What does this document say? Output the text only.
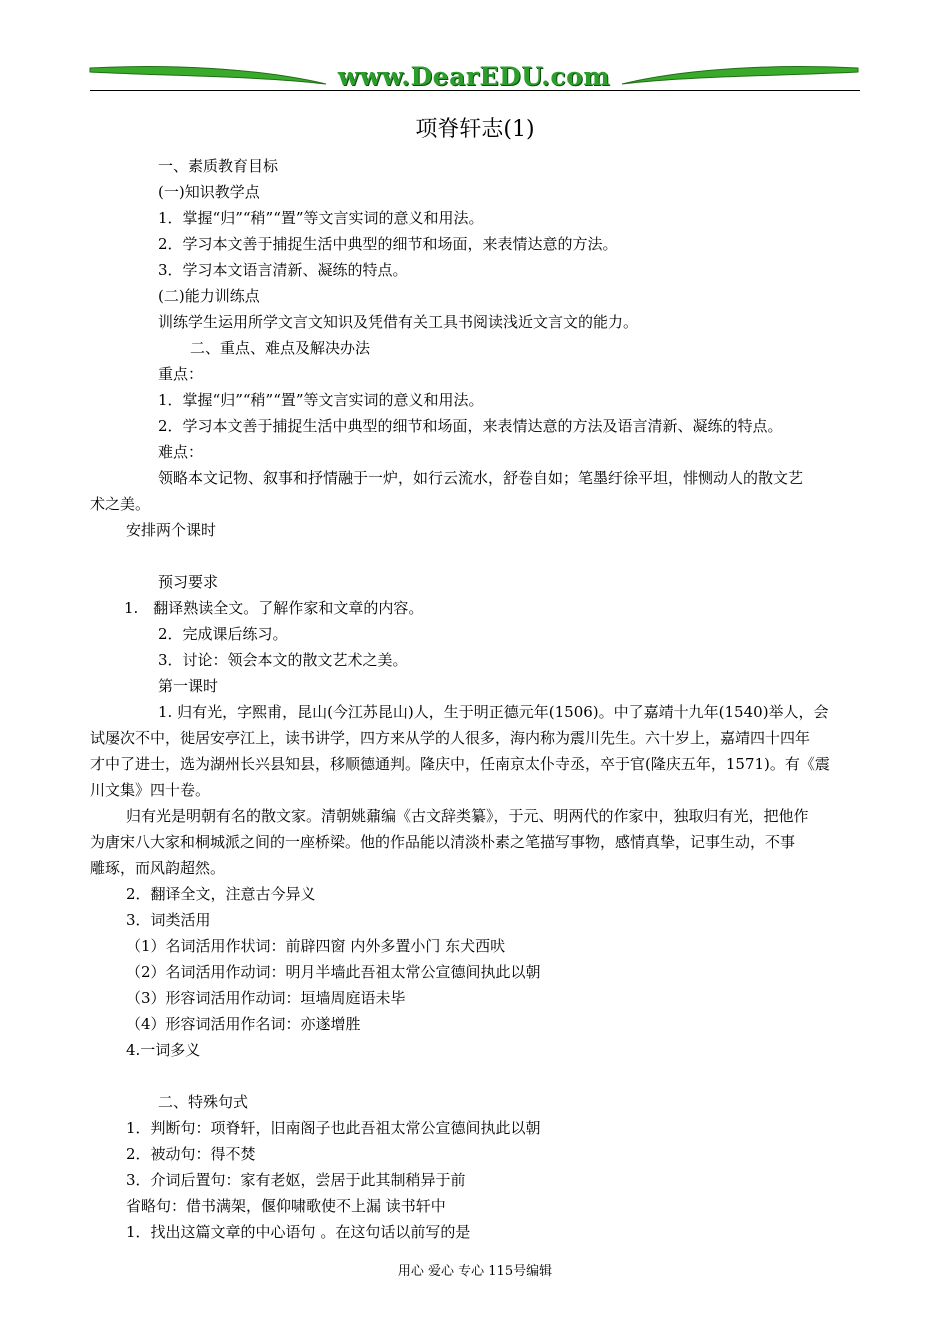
www.DearEDU.com
项脊轩志(1)
一、素质教育目标
(一)知识教学点
1．掌握“归”“稍”“置”等文言实词的意义和用法。
2．学习本文善于捕捉生活中典型的细节和场面，来表情达意的方法。
3．学习本文语言清新、凝练的特点。
(二)能力训练点
训练学生运用所学文言文知识及凭借有关工具书阅读浅近文言文的能力。
二、重点、难点及解决办法
重点：
1．掌握“归”“稍”“置”等文言实词的意义和用法。
2．学习本文善于捕捉生活中典型的细节和场面，来表情达意的方法及语言清新、凝练的特点。
难点：
领略本文记物、叙事和抒情融于一炉，如行云流水，舒卷自如；笔墨纡徐平坦，悱恻动人的散文艺
术之美。
安排两个课时
预习要求
1.　翻译熟读全文。了解作家和文章的内容。
2．完成课后练习。
3．讨论：领会本文的散文艺术之美。
第一课时
1. 归有光，字熙甫，昆山(今江苏昆山)人，生于明正德元年(1506)。中了嘉靖十九年(1540)举人，会
试屡次不中，徙居安亭江上，读书讲学，四方来从学的人很多，海内称为震川先生。六十岁上，嘉靖四十四年
才中了进士，选为湖州长兴县知县，移顺德通判。隆庆中，任南京太仆寺丞，卒于官(隆庆五年，1571)。有《震
川文集》四十卷。
归有光是明朝有名的散文家。清朝姚鼐编《古文辞类纂》，于元、明两代的作家中，独取归有光，把他作
为唐宋八大家和桐城派之间的一座桥梁。他的作品能以清淡朴素之笔描写事物，感情真挚，记事生动，不事
雕琢，而风韵超然。
2．翻译全文，注意古今异义
3．词类活用
（1）名词活用作状词：前辟四窗 内外多置小门 东犬西吠
（2）名词活用作动词：明月半墙此吾祖太常公宣德间执此以朝
（3）形容词活用作动词：垣墙周庭语未毕
（4）形容词活用作名词：亦遂增胜
4.一词多义
二、特殊句式
1．判断句：项脊轩，旧南阁子也此吾祖太常公宣德间执此以朝
2．被动句：得不焚
3．介词后置句：家有老妪，尝居于此其制稍异于前
省略句：借书满架，偃仰啸歌使不上漏 读书轩中
1．找出这篇文章的中心语句 。在这句话以前写的是
用心 爱心 专心 115号编辑
